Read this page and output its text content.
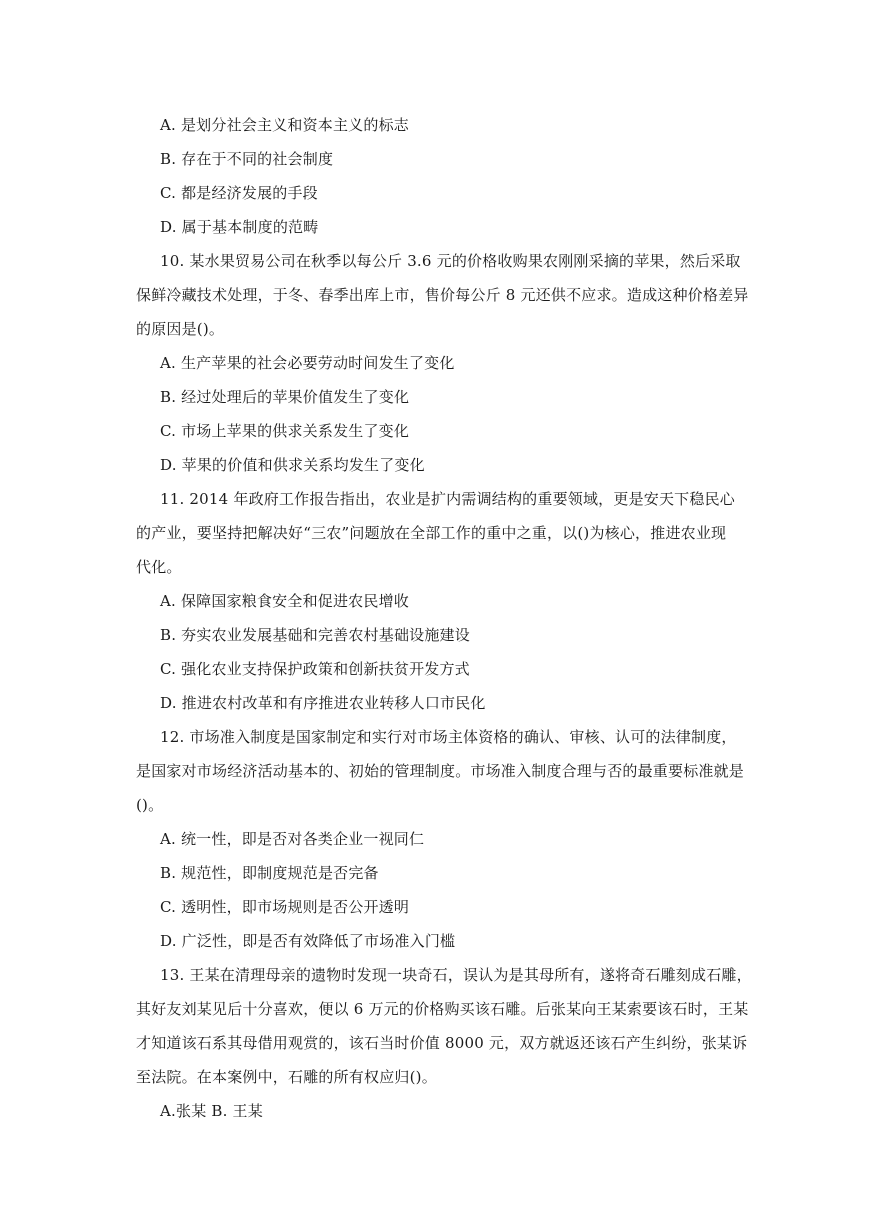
A. 是划分社会主义和资本主义的标志
B. 存在于不同的社会制度
C. 都是经济发展的手段
D. 属于基本制度的范畴
10. 某水果贸易公司在秋季以每公斤 3.6 元的价格收购果农刚刚采摘的苹果，然后采取
保鲜冷藏技术处理，于冬、春季出库上市，售价每公斤 8 元还供不应求。造成这种价格差异
的原因是()。
A. 生产苹果的社会必要劳动时间发生了变化
B. 经过处理后的苹果价值发生了变化
C. 市场上苹果的供求关系发生了变化
D. 苹果的价值和供求关系均发生了变化
11. 2014 年政府工作报告指出，农业是扩内需调结构的重要领域，更是安天下稳民心
的产业，要坚持把解决好“三农”问题放在全部工作的重中之重，以()为核心，推进农业现
代化。
A. 保障国家粮食安全和促进农民增收
B. 夯实农业发展基础和完善农村基础设施建设
C. 强化农业支持保护政策和创新扶贫开发方式
D. 推进农村改革和有序推进农业转移人口市民化
12. 市场准入制度是国家制定和实行对市场主体资格的确认、审核、认可的法律制度，
是国家对市场经济活动基本的、初始的管理制度。市场准入制度合理与否的最重要标准就是
()。
A. 统一性，即是否对各类企业一视同仁
B. 规范性，即制度规范是否完备
C. 透明性，即市场规则是否公开透明
D. 广泛性，即是否有效降低了市场准入门槛
13. 王某在清理母亲的遗物时发现一块奇石，误认为是其母所有，遂将奇石雕刻成石雕，
其好友刘某见后十分喜欢，便以 6 万元的价格购买该石雕。后张某向王某索要该石时，王某
才知道该石系其母借用观赏的，该石当时价值 8000 元，双方就返还该石产生纠纷，张某诉
至法院。在本案例中，石雕的所有权应归()。
A.张某 B. 王某
